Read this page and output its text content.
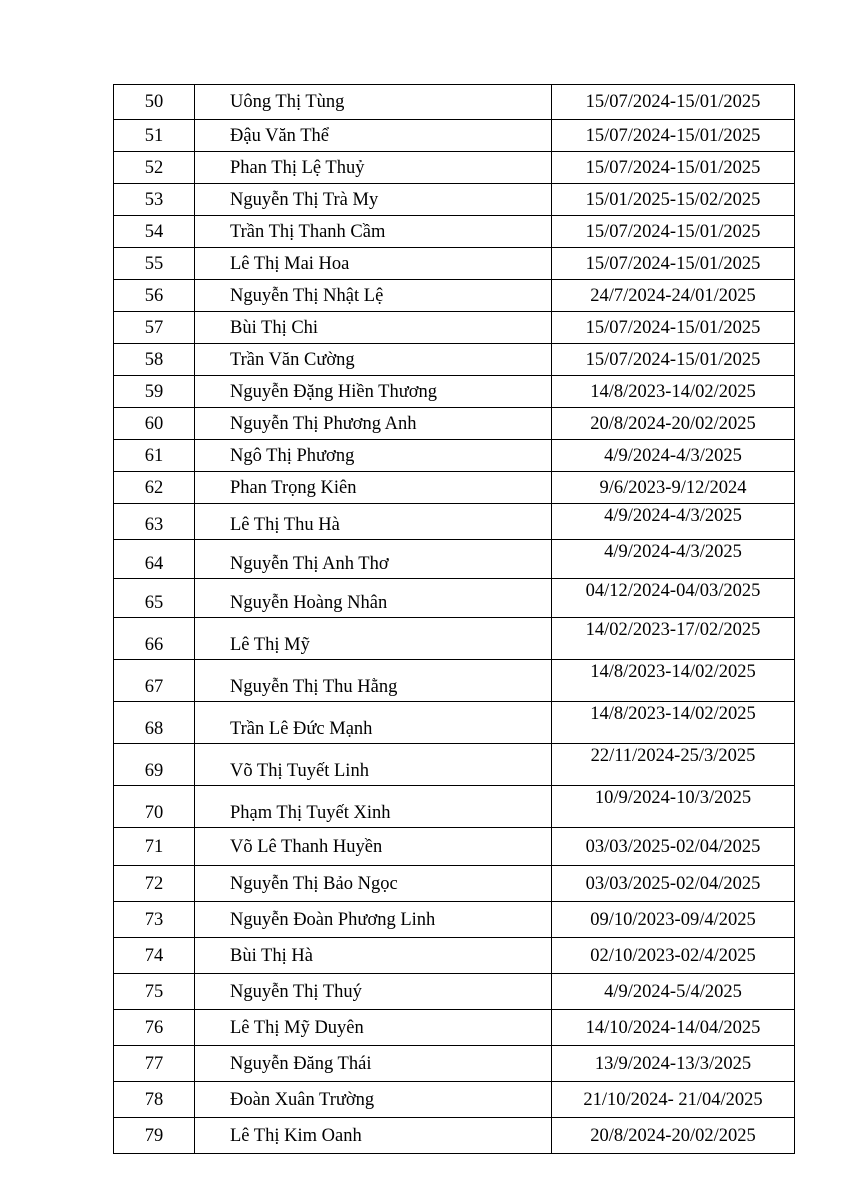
50	Uông Thị Tùng	15/07/2024-15/01/2025
51	Đậu Văn Thể	15/07/2024-15/01/2025
52	Phan Thị Lệ Thuỷ	15/07/2024-15/01/2025
53	Nguyễn Thị Trà My	15/01/2025-15/02/2025
54	Trần Thị Thanh Cầm	15/07/2024-15/01/2025
55	Lê Thị Mai Hoa	15/07/2024-15/01/2025
56	Nguyễn Thị Nhật Lệ	24/7/2024-24/01/2025
57	Bùi Thị Chi	15/07/2024-15/01/2025
58	Trần Văn Cường	15/07/2024-15/01/2025
59	Nguyễn Đặng Hiền Thương	14/8/2023-14/02/2025
60	Nguyễn Thị Phương Anh	20/8/2024-20/02/2025
61	Ngô Thị Phương	4/9/2024-4/3/2025
62	Phan Trọng Kiên	9/6/2023-9/12/2024
63	Lê Thị Thu Hà	4/9/2024-4/3/2025
64	Nguyễn Thị Anh Thơ	4/9/2024-4/3/2025
65	Nguyễn Hoàng Nhân	04/12/2024-04/03/2025
66	Lê Thị Mỹ	14/02/2023-17/02/2025
67	Nguyễn Thị Thu Hằng	14/8/2023-14/02/2025
68	Trần Lê Đức Mạnh	14/8/2023-14/02/2025
69	Võ Thị Tuyết Linh	22/11/2024-25/3/2025
70	Phạm Thị Tuyết Xinh	10/9/2024-10/3/2025
71	Võ Lê Thanh Huyền	03/03/2025-02/04/2025
72	Nguyễn Thị Bảo Ngọc	03/03/2025-02/04/2025
73	Nguyễn Đoàn Phương Linh	09/10/2023-09/4/2025
74	Bùi Thị Hà	02/10/2023-02/4/2025
75	Nguyễn Thị Thuý	4/9/2024-5/4/2025
76	Lê Thị Mỹ Duyên	14/10/2024-14/04/2025
77	Nguyễn Đăng Thái	13/9/2024-13/3/2025
78	Đoàn Xuân Trường	21/10/2024- 21/04/2025
79	Lê Thị Kim Oanh	20/8/2024-20/02/2025
